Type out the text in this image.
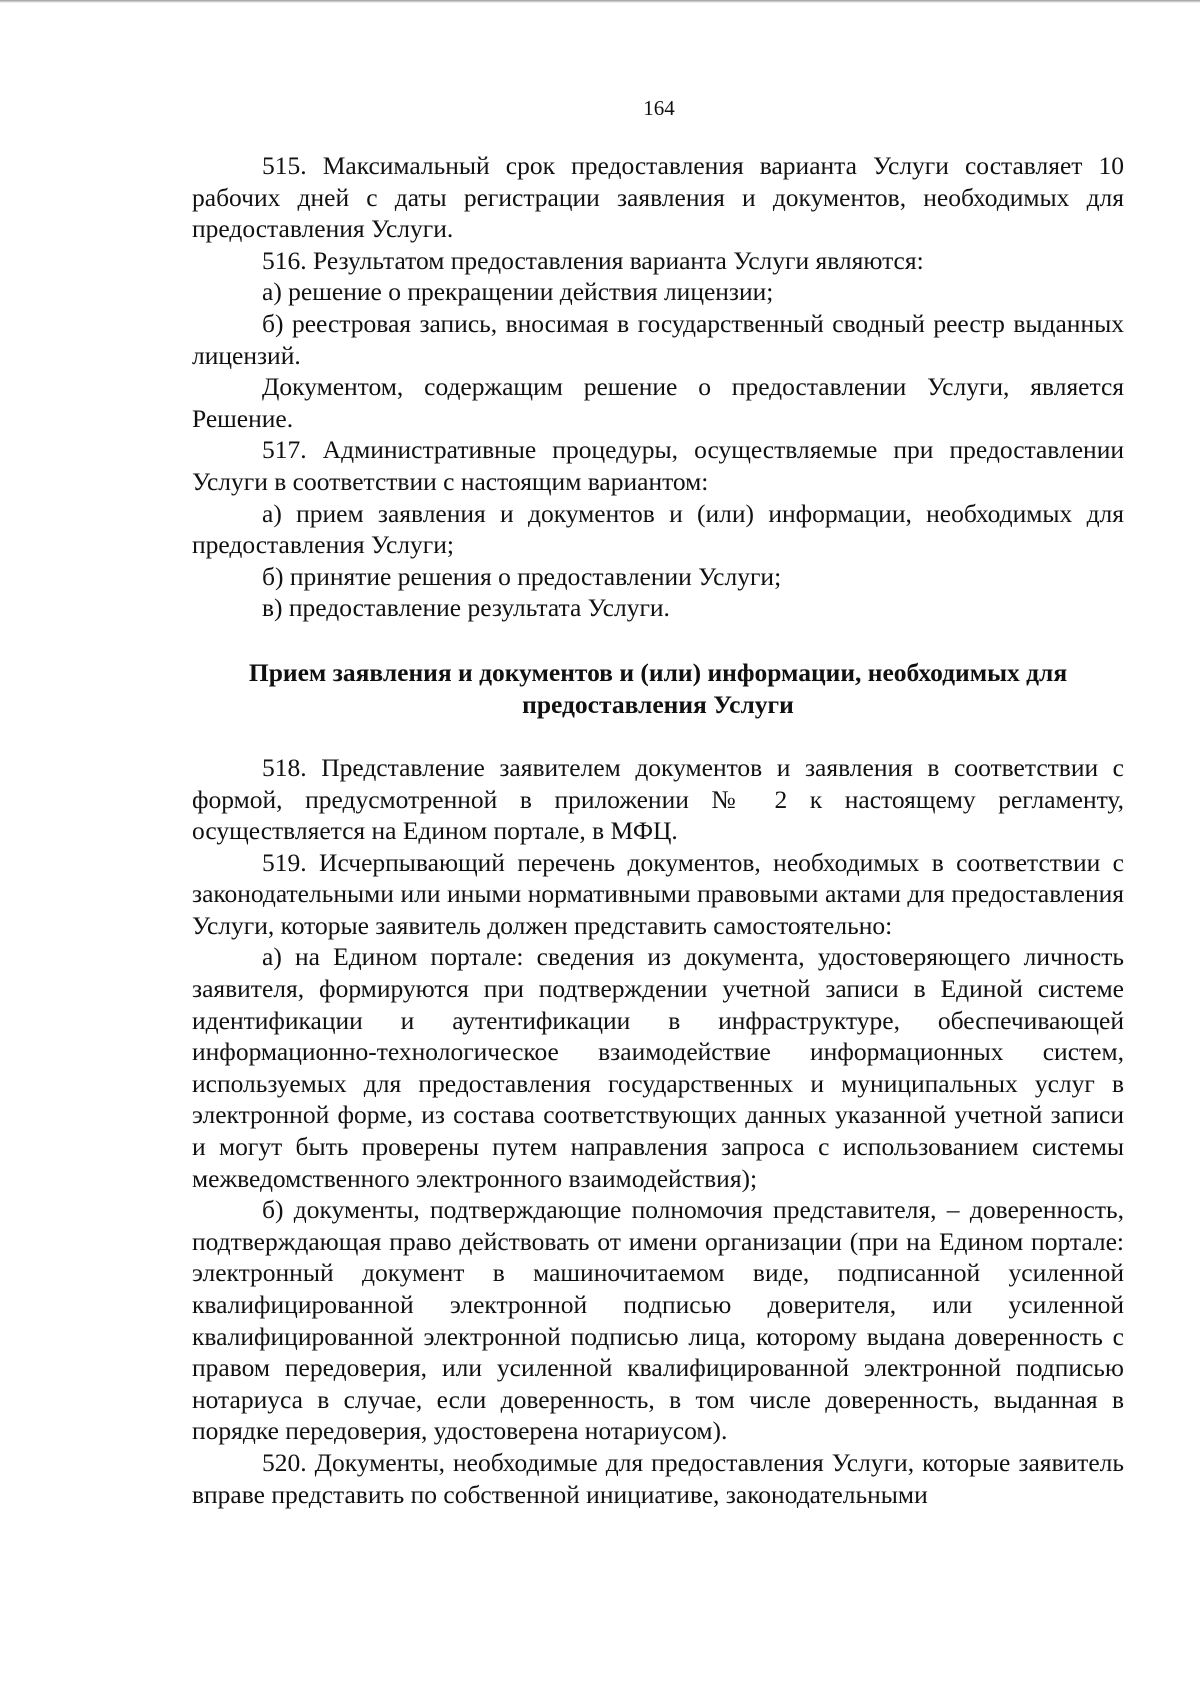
164

515. Максимальный срок предоставления варианта Услуги составляет 10 рабочих дней с даты регистрации заявления и документов, необходимых для предоставления Услуги.

516. Результатом предоставления варианта Услуги являются:

а) решение о прекращении действия лицензии;

б) реестровая запись, вносимая в государственный сводный реестр выданных лицензий.

Документом, содержащим решение о предоставлении Услуги, является Решение.

517. Административные процедуры, осуществляемые при предоставлении Услуги в соответствии с настоящим вариантом:

а) прием заявления и документов и (или) информации, необходимых для предоставления Услуги;

б) принятие решения о предоставлении Услуги;

в) предоставление результата Услуги.

Прием заявления и документов и (или) информации, необходимых для
предоставления Услуги

518. Представление заявителем документов и заявления в соответствии с формой, предусмотренной в приложении № 2 к настоящему регламенту, осуществляется на Едином портале, в МФЦ.

519. Исчерпывающий перечень документов, необходимых в соответствии с законодательными или иными нормативными правовыми актами для предоставления Услуги, которые заявитель должен представить самостоятельно:

а) на Едином портале: сведения из документа, удостоверяющего личность заявителя, формируются при подтверждении учетной записи в Единой системе идентификации и аутентификации в инфраструктуре, обеспечивающей информационно-технологическое взаимодействие информационных систем, используемых для предоставления государственных и муниципальных услуг в электронной форме, из состава соответствующих данных указанной учетной записи и могут быть проверены путем направления запроса с использованием системы межведомственного электронного взаимодействия);

б) документы, подтверждающие полномочия представителя, – доверенность, подтверждающая право действовать от имени организации (при на Едином портале: электронный документ в машиночитаемом виде, подписанной усиленной квалифицированной электронной подписью доверителя, или усиленной квалифицированной электронной подписью лица, которому выдана доверенность с правом передоверия, или усиленной квалифицированной электронной подписью нотариуса в случае, если доверенность, в том числе доверенность, выданная в порядке передоверия, удостоверена нотариусом).

520. Документы, необходимые для предоставления Услуги, которые заявитель вправе представить по собственной инициативе, законодательными
